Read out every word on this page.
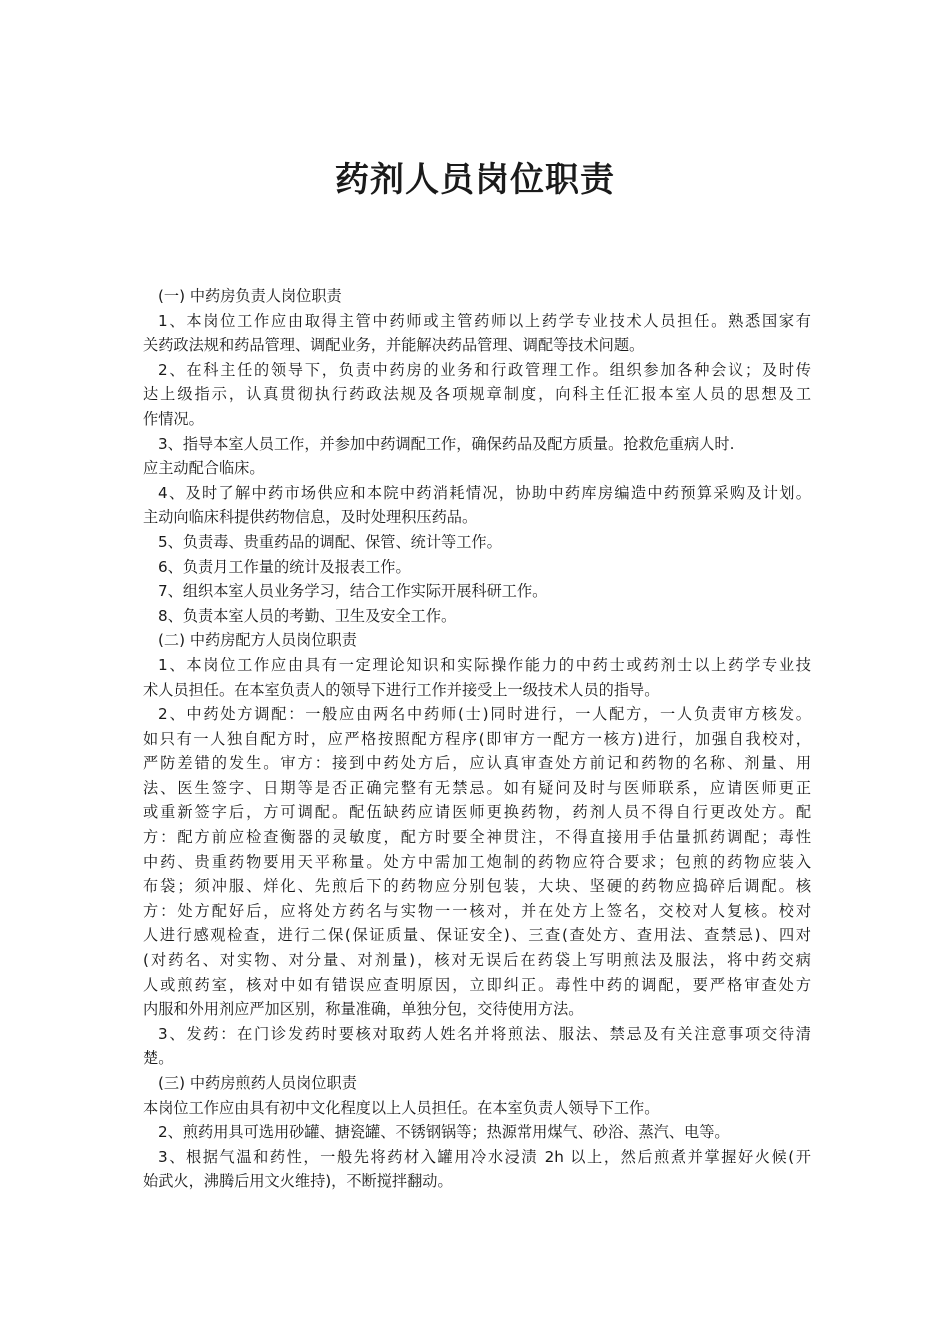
药剂人员岗位职责
(一) 中药房负责人岗位职责
1、本岗位工作应由取得主管中药师或主管药师以上药学专业技术人员担任。熟悉国家有
关药政法规和药品管理、调配业务，并能解决药品管理、调配等技术问题。
2、在科主任的领导下，负责中药房的业务和行政管理工作。组织参加各种会议；及时传
达上级指示，认真贯彻执行药政法规及各项规章制度，向科主任汇报本室人员的思想及工
作情况。
3、指导本室人员工作，并参加中药调配工作，确保药品及配方质量。抢救危重病人时.
应主动配合临床。
4、及时了解中药市场供应和本院中药消耗情况，协助中药库房编造中药预算采购及计划。
主动向临床科提供药物信息，及时处理积压药品。
5、负责毒、贵重药品的调配、保管、统计等工作。
6、负责月工作量的统计及报表工作。
7、组织本室人员业务学习，结合工作实际开展科研工作。
8、负责本室人员的考勤、卫生及安全工作。
(二) 中药房配方人员岗位职责
1、本岗位工作应由具有一定理论知识和实际操作能力的中药士或药剂士以上药学专业技
术人员担任。在本室负责人的领导下进行工作并接受上一级技术人员的指导。
2、中药处方调配：一般应由两名中药师(士)同时进行，一人配方，一人负责审方核发。
如只有一人独自配方时，应严格按照配方程序(即审方一配方一核方)进行，加强自我校对，
严防差错的发生。审方：接到中药处方后，应认真审查处方前记和药物的名称、剂量、用
法、医生签字、日期等是否正确完整有无禁忌。如有疑问及时与医师联系，应请医师更正
或重新签字后，方可调配。配伍缺药应请医师更换药物，药剂人员不得自行更改处方。配
方：配方前应检查衡器的灵敏度，配方时要全神贯注，不得直接用手估量抓药调配；毒性
中药、贵重药物要用天平称量。处方中需加工炮制的药物应符合要求；包煎的药物应装入
布袋；须冲服、烊化、先煎后下的药物应分别包装，大块、坚硬的药物应捣碎后调配。核
方：处方配好后，应将处方药名与实物一一核对，并在处方上签名，交校对人复核。校对
人进行感观检查，进行二保(保证质量、保证安全)、三查(查处方、查用法、查禁忌)、四对
(对药名、对实物、对分量、对剂量)，核对无误后在药袋上写明煎法及服法，将中药交病
人或煎药室，核对中如有错误应查明原因，立即纠正。毒性中药的调配，要严格审查处方
内服和外用剂应严加区别，称量准确，单独分包，交待使用方法。
3、发药：在门诊发药时要核对取药人姓名并将煎法、服法、禁忌及有关注意事项交待清
楚。
(三) 中药房煎药人员岗位职责
本岗位工作应由具有初中文化程度以上人员担任。在本室负责人领导下工作。
2、煎药用具可选用砂罐、搪瓷罐、不锈钢锅等；热源常用煤气、砂浴、蒸汽、电等。
3、根据气温和药性，一般先将药材入罐用冷水浸渍 2h 以上，然后煎煮并掌握好火候(开
始武火，沸腾后用文火维持)，不断搅拌翻动。
